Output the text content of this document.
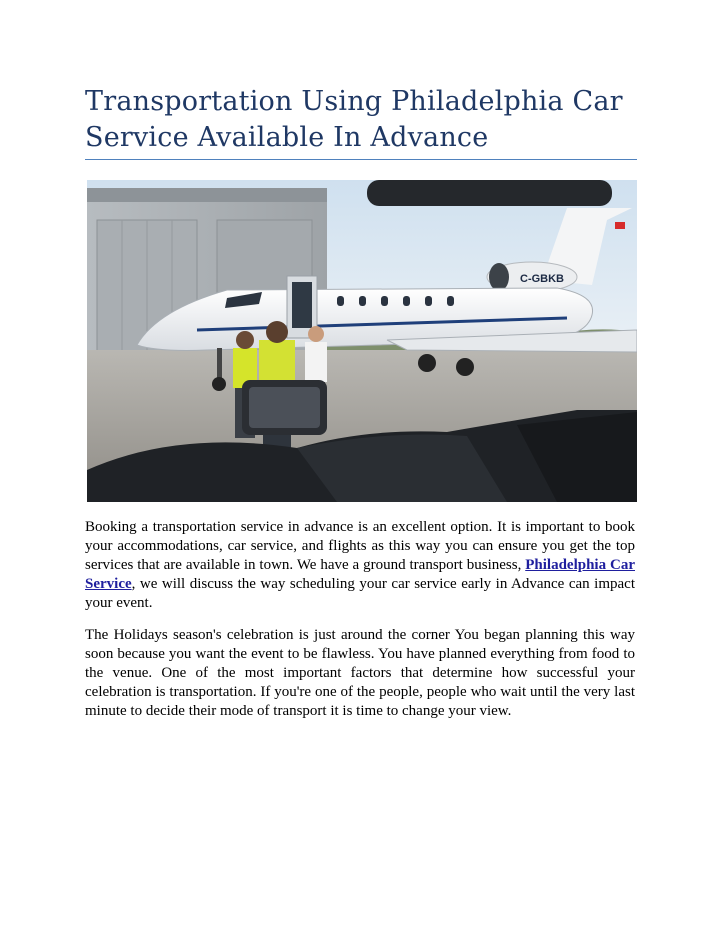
Transportation Using Philadelphia Car Service Available In Advance
C-GBKB

Booking a transportation service in advance is an excellent option. It is important to book your accommodations, car service, and flights as this way you can ensure you get the top services that are available in town. We have a ground transport business, Philadelphia Car Service, we will discuss the way scheduling your car service early in Advance can impact your event.

The Holidays season's celebration is just around the corner You began planning this way soon because you want the event to be flawless. You have planned everything from food to the venue. One of the most important factors that determine how successful your celebration is transportation. If you're one of the people, people who wait until the very last minute to decide their mode of transport it is time to change your view.
